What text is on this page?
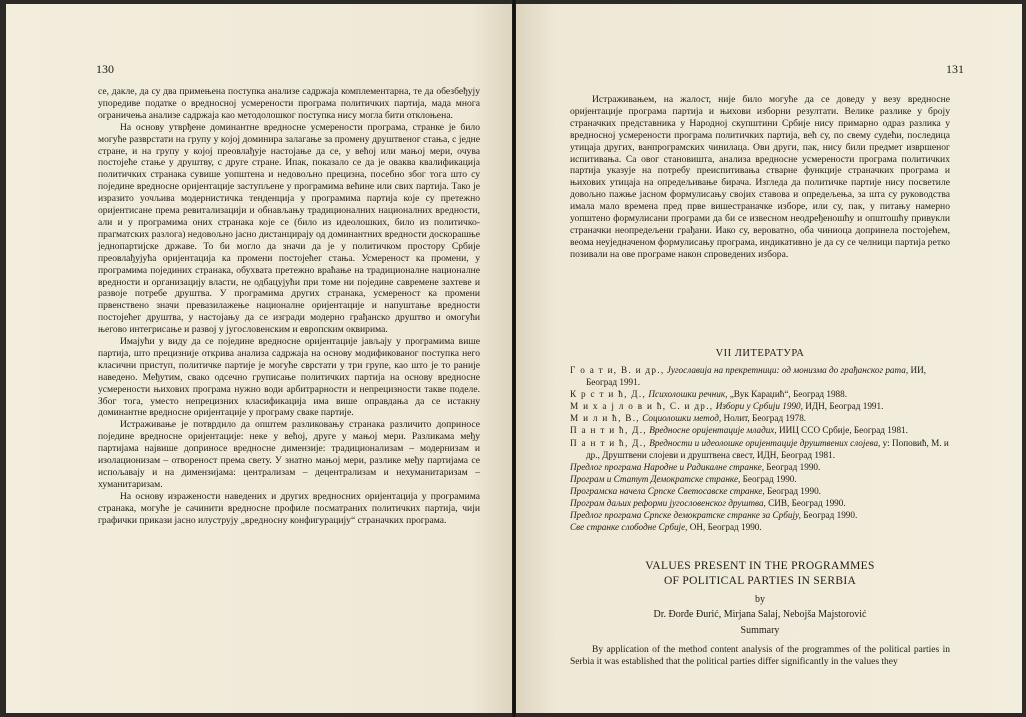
130

се, дакле, да су два примењена поступка анализе садржаја комплементарна, те да обезбеђују упоредиве податке о вредносној усмерености програма политичких партија, мада многа ограничења анализе садржаја као методолошког поступка нису могла бити отклоњена.

На основу утврђене доминантне вредносне усмерености програма, странке је било могуће разврстати на групу у којој доминира залагање за промену друштвеног стања, с једне стране, и на групу у којој преовлађује настојање да се, у већој или мањој мери, очува постојеће стање у друштву, с друге стране. Ипак, показало се да је оваква квалификација политичких странака сувише уопштена и недовољно прецизна, посебно због тога што су поједине вредносне оријентације заступљене у програмима већине или свих партија. Тако је изразито уочљива модернистичка тенденција у програмима партија које су претежно оријентисане према ревитализацији и обнављању традиционалних националних вредности, али и у програмима оних странака које се (било из идеолошких, било из политичко-прагматских разлога) недовољно јасно дистанцирају од доминантних вредности доскорашње једнопартијске државе. То би могло да значи да је у политичком простору Србије преовлађујућа оријентација ка промени постојећег стања. Усмереност ка промени, у програмима појединих странака, обухвата претежно враћање на традиционалне националне вредности и организацију власти, не одбацујући при томе ни поједине савремене захтеве и развоје потребе друштва. У програмима других странака, усмереност ка промени првенствено значи превазилажење националне оријентације и напуштање вредности постојећег друштва, у настојању да се изгради модерно грађанско друштво и омогући његово интегрисање и развој у југословенским и европским оквирима.

Имајући у виду да се поједине вредносне оријентације јављају у програмима више партија, што прецизније открива анализа садржаја на основу модификованог поступка него класични приступ, политичке партије је могуће сврстати у три групе, као што је то раније наведено. Међутим, свако одсечно груписање политичких партија на основу вредносне усмерености њихових програма нужно води арбитрарности и непрецизности такве поделе. Због тога, уместо непрецизних класификација има више оправдања да се истакну доминантне вредносне оријентације у програму сваке партије.

Истраживање је потврдило да општем разликовању странака различито доприносе поједине вредносне оријентације: неке у већој, друге у мањој мери. Разликама међу партијама највише доприносе вредносне димензије: традиционализам – модернизам и изолационизам – отвореност према свету. У знатно мањој мери, разлике међу партијама се испољавају и на димензијама: централизам – децентрализам и нехуманитаризам – хуманитаризам.

На основу изражености наведених и других вредносних оријентација у програмима странака, могуће је сачинити вредносне профиле посматраних политичких партија, чији графички прикази јасно илуструју „вредносну конфигурацију“ страначких програма.

131

Истраживањем, на жалост, није било могуће да се доведу у везу вредносне оријентације програма партија и њихови изборни резултати. Велике разлике у броју страначких представника у Народној скупштини Србије нису примарно одраз разлика у вредносној усмерености програма политичких партија, већ су, по свему судећи, последица утицаја других, ванпрограмских чинилаца. Ови други, пак, нису били предмет извршеног испитивања. Са овог становишта, анализа вредносне усмерености програма политичких партија указује на потребу преиспитивања стварне функције страначких програма и њихових утицаја на опредељивање бирача. Изгледа да политичке партије нису посветиле довољно пажње јасном формулисању својих ставова и опредељења, за шта су руководства имала мало времена пред прве вишестраначке изборе, или су, пак, у питању намерно уопштено формулисани програми да би се извесном неодређеношћу и општошћу привукли страначки неопредељени грађани. Иако су, вероватно, оба чиниоца допринела постојећем, веома неуједначеном формулисању програма, индикативно је да су се челници партија ретко позивали на ове програме након спроведених избора.

VII ЛИТЕРАТУРА
Г о а т и, В. и др., Југославија на прекретници: од монизма до грађанског рата, ИИ, Београд 1991.
К р с т и ћ, Д., Психолошки речник, „Вук Караџић“, Београд 1988.
М и х а ј л о в и ћ, С. и др., Избори у Србији 1990, ИДН, Београд 1991.
М и л и ћ, В., Социолошки метод, Нолит, Београд 1978.
П а н т и ћ, Д., Вредносне оријентације младих, ИИЦ ССО Србије, Београд 1981.
П а н т и ћ, Д., Вредности и идеолошке оријентације друштвених слојева, у: Поповић, М. и др., Друштвени слојеви и друштвена свест, ИДН, Београд 1981.
Предлог програма Народне и Радикалне странке, Београд 1990.
Програм и Статут Демократске странке, Београд 1990.
Програмска начела Српске Светосавске странке, Београд 1990.
Програм даљих реформи југословенског друштва, СИВ, Београд 1990.
Предлог програма Српске демократске странке за Србију, Београд 1990.
Све странке слободне Србије, ОН, Београд 1990.
VALUES PRESENT IN THE PROGRAMMES
OF POLITICAL PARTIES IN SERBIA
by
Dr. Đorđe Đurić, Mirjana Salaj, Nebojša Majstorović
Summary

By application of the method content analysis of the programmes of the political parties in Serbia it was established that the political parties differ significantly in the values they
